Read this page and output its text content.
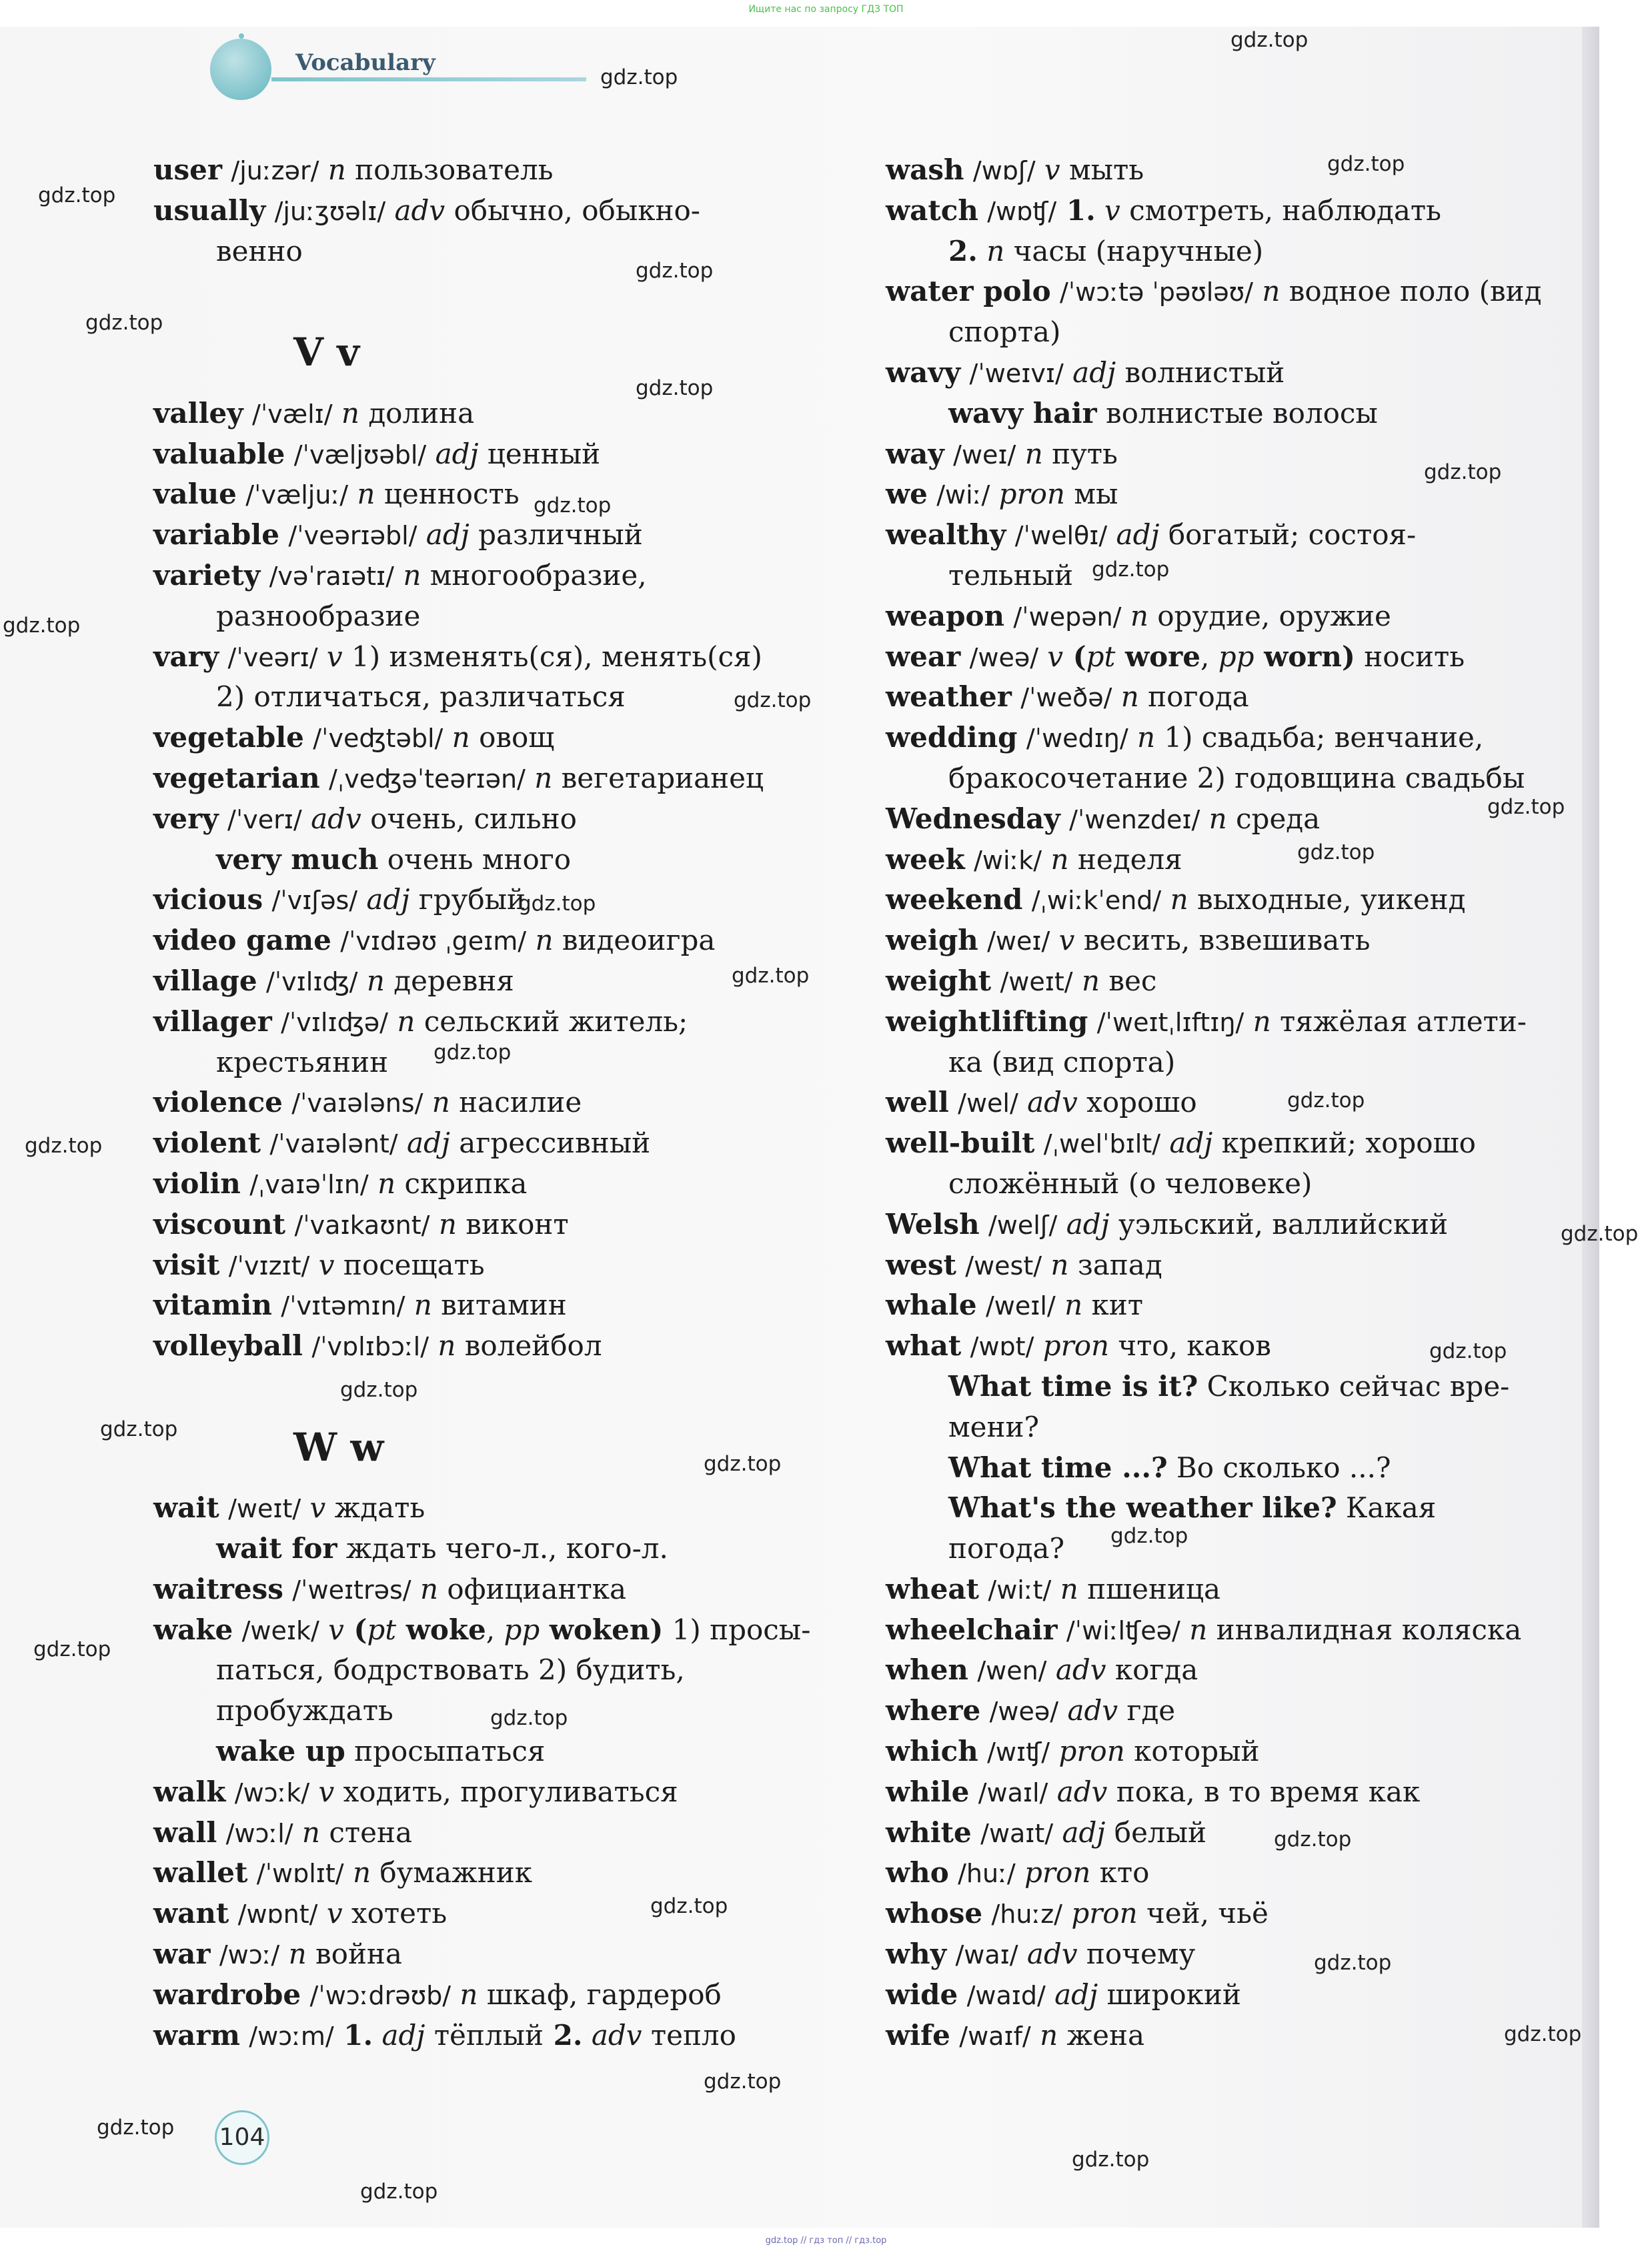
Ищите нас по запросу ГДЗ ТОП
Vocabulary
user /juːzər/ n пользователь
usually /juːʒʊəlɪ/ adv обычно, обыкно-
венно
V v
valley /ˈvælɪ/ n долина
valuable /ˈvæljʊəbl/ adj ценный
value /ˈvæljuː/ n ценность
variable /ˈveərɪəbl/ adj различный
variety /vəˈraɪətɪ/ n многообразие,
разнообразие
vary /ˈveərɪ/ v 1) изменять(ся), менять(ся)
2) отличаться, различаться
vegetable /ˈveʤtəbl/ n овощ
vegetarian /ˌveʤəˈteərɪən/ n вегетарианец
very /ˈverɪ/ adv очень, сильно
very much очень много
vicious /ˈvɪʃəs/ adj грубый
video game /ˈvɪdɪəʊ ˌgeɪm/ n видеоигра
village /ˈvɪlɪʤ/ n деревня
villager /ˈvɪlɪʤə/ n сельский житель;
крестьянин
violence /ˈvaɪələns/ n насилие
violent /ˈvaɪələnt/ adj агрессивный
violin /ˌvaɪəˈlɪn/ n скрипка
viscount /ˈvaɪkaʊnt/ n виконт
visit /ˈvɪzɪt/ v посещать
vitamin /ˈvɪtəmɪn/ n витамин
volleyball /ˈvɒlɪbɔːl/ n волейбол
W w
wait /weɪt/ v ждать
wait for ждать чего-л., кого-л.
waitress /ˈweɪtrəs/ n официантка
wake /weɪk/ v (pt woke, pp woken) 1) просы-
паться, бодрствовать 2) будить,
пробуждать
wake up просыпаться
walk /wɔːk/ v ходить, прогуливаться
wall /wɔːl/ n стена
wallet /ˈwɒlɪt/ n бумажник
want /wɒnt/ v хотеть
war /wɔː/ n война
wardrobe /ˈwɔːdrəʊb/ n шкаф, гардероб
warm /wɔːm/ 1. adj тёплый 2. adv тепло
wash /wɒʃ/ v мыть
watch /wɒʧ/ 1. v смотреть, наблюдать
2. n часы (наручные)
water polo /ˈwɔːtə ˈpəʊləʊ/ n водное поло (вид
спорта)
wavy /ˈweɪvɪ/ adj волнистый
wavy hair волнистые волосы
way /weɪ/ n путь
we /wiː/ pron мы
wealthy /ˈwelθɪ/ adj богатый; состоя-
тельный
weapon /ˈwepən/ n орудие, оружие
wear /weə/ v (pt wore, pp worn) носить
weather /ˈweðə/ n погода
wedding /ˈwedɪŋ/ n 1) свадьба; венчание,
бракосочетание 2) годовщина свадьбы
Wednesday /ˈwenzdeɪ/ n среда
week /wiːk/ n неделя
weekend /ˌwiːkˈend/ n выходные, уикенд
weigh /weɪ/ v весить, взвешивать
weight /weɪt/ n вес
weightlifting /ˈweɪtˌlɪftɪŋ/ n тяжёлая атлети-
ка (вид спорта)
well /wel/ adv хорошо
well-built /ˌwelˈbɪlt/ adj крепкий; хорошо
сложённый (о человеке)
Welsh /welʃ/ adj уэльский, валлийский
west /west/ n запад
whale /weɪl/ n кит
what /wɒt/ pron что, каков
What time is it? Сколько сейчас вре-
мени?
What time ...? Во сколько ...?
What's the weather like? Какая
погода?
wheat /wiːt/ n пшеница
wheelchair /ˈwiːlʧeə/ n инвалидная коляска
when /wen/ adv когда
where /weə/ adv где
which /wɪʧ/ pron который
while /waɪl/ adv пока, в то время как
white /waɪt/ adj белый
who /huː/ pron кто
whose /huːz/ pron чей, чьё
why /waɪ/ adv почему
wide /waɪd/ adj широкий
wife /waɪf/ n жена
gdz.top
gdz.top
gdz.top
gdz.top
gdz.top
gdz.top
gdz.top
gdz.top
gdz.top
gdz.top
gdz.top
gdz.top
gdz.top
gdz.top
gdz.top
gdz.top
gdz.top
gdz.top
gdz.top
gdz.top
gdz.top
gdz.top
gdz.top
gdz.top
gdz.top
gdz.top
gdz.top
gdz.top
gdz.top
gdz.top
gdz.top
gdz.top
gdz.top
gdz.top
gdz.top
104
gdz.top // гдз топ // гдз.top
